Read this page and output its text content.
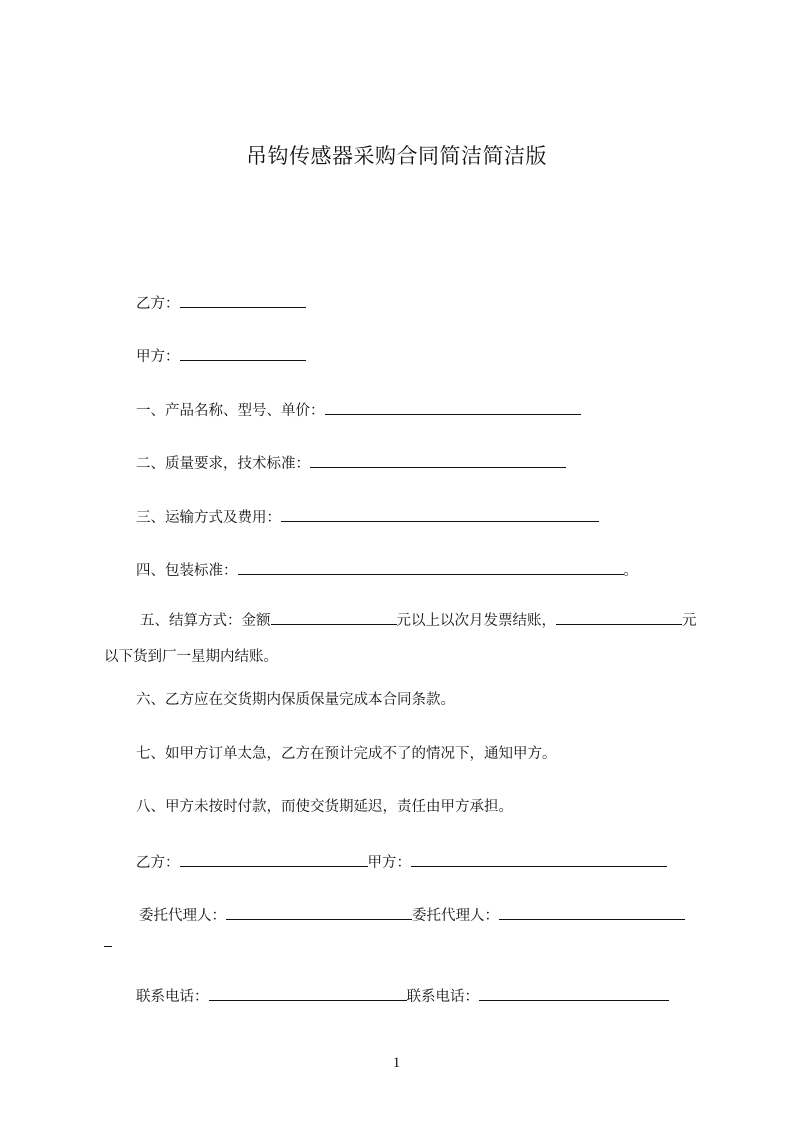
吊钩传感器采购合同简洁简洁版
乙方：
甲方：
一、产品名称、型号、单价：
二、质量要求，技术标准：
三、运输方式及费用：
四、包装标准：	。
五、结算方式：金额	元以上以次月发票结账，	元以下货到厂一星期内结账。
六、乙方应在交货期内保质保量完成本合同条款。
七、如甲方订单太急，乙方在预计完成不了的情况下，通知甲方。
八、甲方未按时付款，而使交货期延迟，责任由甲方承担。
乙方：	甲方：
委托代理人：	委托代理人：
联系电话：	联系电话：
1
